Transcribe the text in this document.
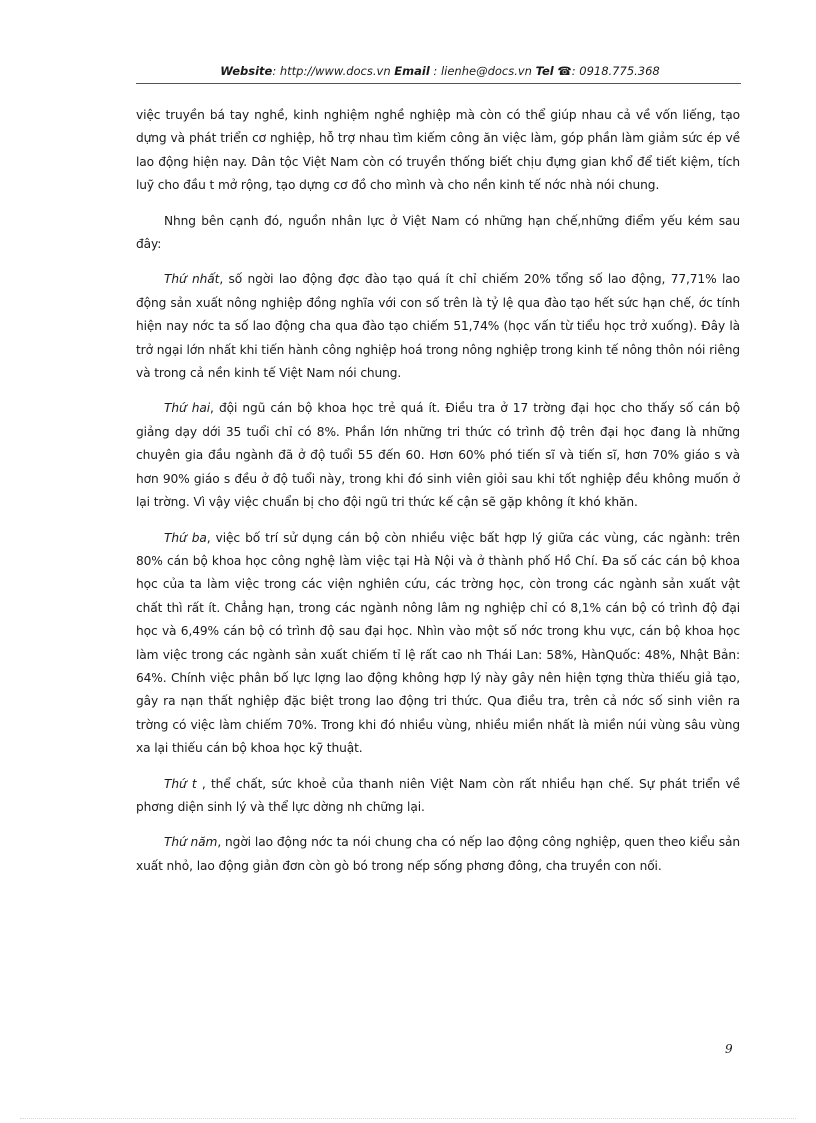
Website: http://www.docs.vn Email : lienhe@docs.vn Tel ☎: 0918.775.368

việc truyền bá tay nghề, kinh nghiệm nghề nghiệp mà còn có thể giúp nhau cả về vốn liếng, tạo dựng và phát triển cơ nghiệp, hỗ trợ nhau tìm kiếm công ăn việc làm, góp phần làm giảm sức ép về lao động hiện nay. Dân tộc Việt Nam còn có truyền thống biết chịu đựng gian khổ để tiết kiệm, tích luỹ cho đầu t mở rộng, tạo dựng cơ đồ cho mình và cho nền kinh tế nớc nhà nói chung.

Nhng bên cạnh đó, nguồn nhân lực ở Việt Nam có những hạn chế,những điểm yếu kém sau đây:

Thứ nhất, số ngời lao động đợc đào tạo quá ít chỉ chiếm 20% tổng số lao động, 77,71% lao động sản xuất nông nghiệp đồng nghĩa với con số trên là tỷ lệ qua đào tạo hết sức hạn chế, ớc tính hiện nay nớc ta số lao động cha qua đào tạo chiếm 51,74% (học vấn từ tiểu học trở xuống). Đây là trở ngại lớn nhất khi tiến hành công nghiệp hoá trong nông nghiệp trong kinh tế nông thôn nói riêng và trong cả nền kinh tế Việt Nam nói chung.

Thứ hai, đội ngũ cán bộ khoa học trẻ quá ít. Điều tra ở 17 trờng đại học cho thấy số cán bộ giảng dạy dới 35 tuổi chỉ có 8%. Phần lớn những tri thức có trình độ trên đại học đang là những chuyên gia đầu ngành đã ở độ tuổi 55 đến 60. Hơn 60% phó tiến sĩ và tiến sĩ, hơn 70% giáo s và hơn 90% giáo s đều ở độ tuổi này, trong khi đó sinh viên giỏi sau khi tốt nghiệp đều không muốn ở lại trờng. Vì vậy việc chuẩn bị cho đội ngũ tri thức kế cận sẽ gặp không ít khó khăn.

Thứ ba, việc bố trí sử dụng cán bộ còn nhiều việc bất hợp lý giữa các vùng, các ngành: trên 80% cán bộ khoa học công nghệ làm việc tại Hà Nội và ở thành phố Hồ Chí. Đa số các cán bộ khoa học của ta làm việc trong các viện nghiên cứu, các trờng học, còn trong các ngành sản xuất vật chất thì rất ít. Chẳng hạn, trong các ngành nông lâm ng nghiệp chỉ có 8,1% cán bộ có trình độ đại học và 6,49% cán bộ có trình độ sau đại học. Nhìn vào một số nớc trong khu vực, cán bộ khoa học làm việc trong các ngành sản xuất chiếm tỉ lệ rất cao nh Thái Lan: 58%, HànQuốc: 48%, Nhật Bản: 64%. Chính việc phân bố lực lợng lao động không hợp lý này gây nên hiện tợng thừa thiếu giả tạo, gây ra nạn thất nghiệp đặc biệt trong lao động tri thức. Qua điều tra, trên cả nớc số sinh viên ra trờng có việc làm chiếm 70%. Trong khi đó nhiều vùng, nhiều miền nhất là miền núi vùng sâu vùng xa lại thiếu cán bộ khoa học kỹ thuật.

Thứ t , thể chất, sức khoẻ của thanh niên Việt Nam còn rất nhiều hạn chế. Sự phát triển về phơng diện sinh lý và thể lực dờng nh chững lại.

Thứ năm, ngời lao động nớc ta nói chung cha có nếp lao động công nghiệp, quen theo kiểu sản xuất nhỏ, lao động giản đơn còn gò bó trong nếp sống phơng đông, cha truyền con nối.

9
